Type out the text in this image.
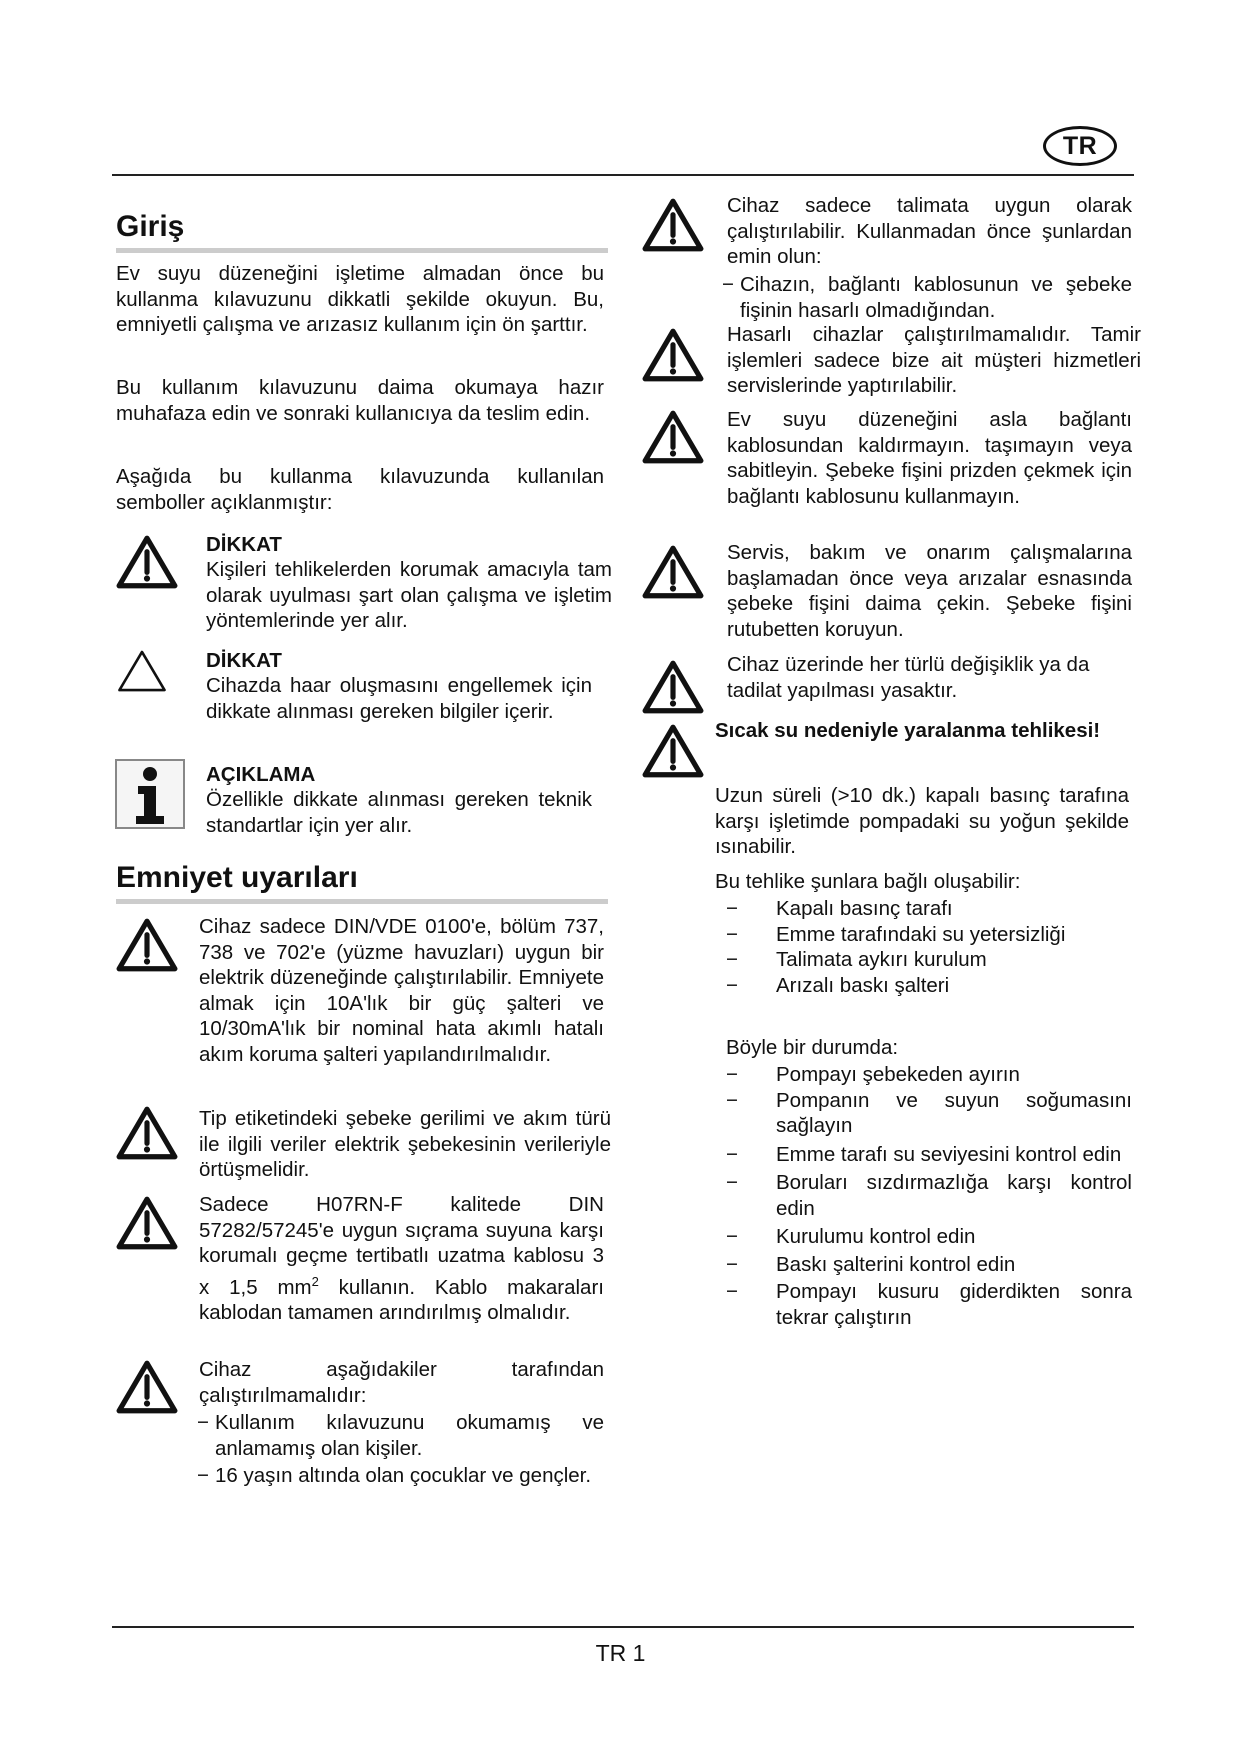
TR
Giriş

Ev suyu düzeneğini işletime almadan önce bu kullanma kılavuzunu dikkatli şekilde okuyun. Bu, emniyetli çalışma ve arızasız kullanım için ön şarttır.

Bu kullanım kılavuzunu daima okumaya hazır muhafaza edin ve sonraki kullanıcıya da teslim edin.

Aşağıda bu kullanma kılavuzunda kullanılan semboller açıklanmıştır:

DİKKAT

Kişileri tehlikelerden korumak amacıyla tam olarak uyulması şart olan çalışma ve işletim yöntemlerinde yer alır.

DİKKAT

Cihazda haar oluşmasını engellemek için dikkate alınması gereken bilgiler içerir.

AÇIKLAMA

Özellikle dikkate alınması gereken teknik standartlar için yer alır.

Emniyet uyarıları

Cihaz sadece DIN/VDE 0100'e, bölüm 737, 738 ve 702'e (yüzme havuzları) uygun bir elektrik düzeneğinde çalıştırılabilir. Emniyete almak için 10A'lık bir güç şalteri ve 10/30mA'lık bir nominal hata akımlı hatalı akım koruma şalteri yapılandırılmalıdır.

Tip etiketindeki şebeke gerilimi ve akım türü ile ilgili veriler elektrik şebekesinin verileriyle örtüşmelidir.

Sadece H07RN-F kalitede DIN 57282/57245'e uygun sıçrama suyuna karşı korumalı geçme tertibatlı uzatma kablosu 3 x 1,5 $mm^2$ kullanın. Kablo makaraları kablodan tamamen arındırılmış olmalıdır.

Cihaz aşağıdakiler tarafından çalıştırılmamalıdır:

− Kullanım kılavuzunu okumamış ve anlamamış olan kişiler.
− 16 yaşın altında olan çocuklar ve gençler.

Cihaz sadece talimata uygun olarak çalıştırılabilir. Kullanmadan önce şunlardan emin olun:

− Cihazın, bağlantı kablosunun ve şebeke fişinin hasarlı olmadığından.

Hasarlı cihazlar çalıştırılmamalıdır. Tamir işlemleri sadece bize ait müşteri hizmetleri servislerinde yaptırılabilir.

Ev suyu düzeneğini asla bağlantı kablosundan kaldırmayın. taşımayın veya sabitleyin. Şebeke fişini prizden çekmek için bağlantı kablosunu kullanmayın.

Servis, bakım ve onarım çalışmalarına başlamadan önce veya arızalar esnasında şebeke fişini daima çekin. Şebeke fişini rutubetten koruyun.

Cihaz üzerinde her türlü değişiklik ya da tadilat yapılması yasaktır.

Sıcak su nedeniyle yaralanma tehlikesi!

Uzun süreli (>10 dk.) kapalı basınç tarafına karşı işletimde pompadaki su yoğun şekilde ısınabilir.

Bu tehlike şunlara bağlı oluşabilir:

− Kapalı basınç tarafı
− Emme tarafındaki su yetersizliği
− Talimata aykırı kurulum
− Arızalı baskı şalteri

Böyle bir durumda:

− Pompayı şebekeden ayırın
− Pompanın ve suyun soğumasını sağlayın
− Emme tarafı su seviyesini kontrol edin
− Boruları sızdırmazlığa karşı kontrol edin
− Kurulumu kontrol edin
− Baskı şalterini kontrol edin
− Pompayı kusuru giderdikten sonra tekrar çalıştırın
TR 1
